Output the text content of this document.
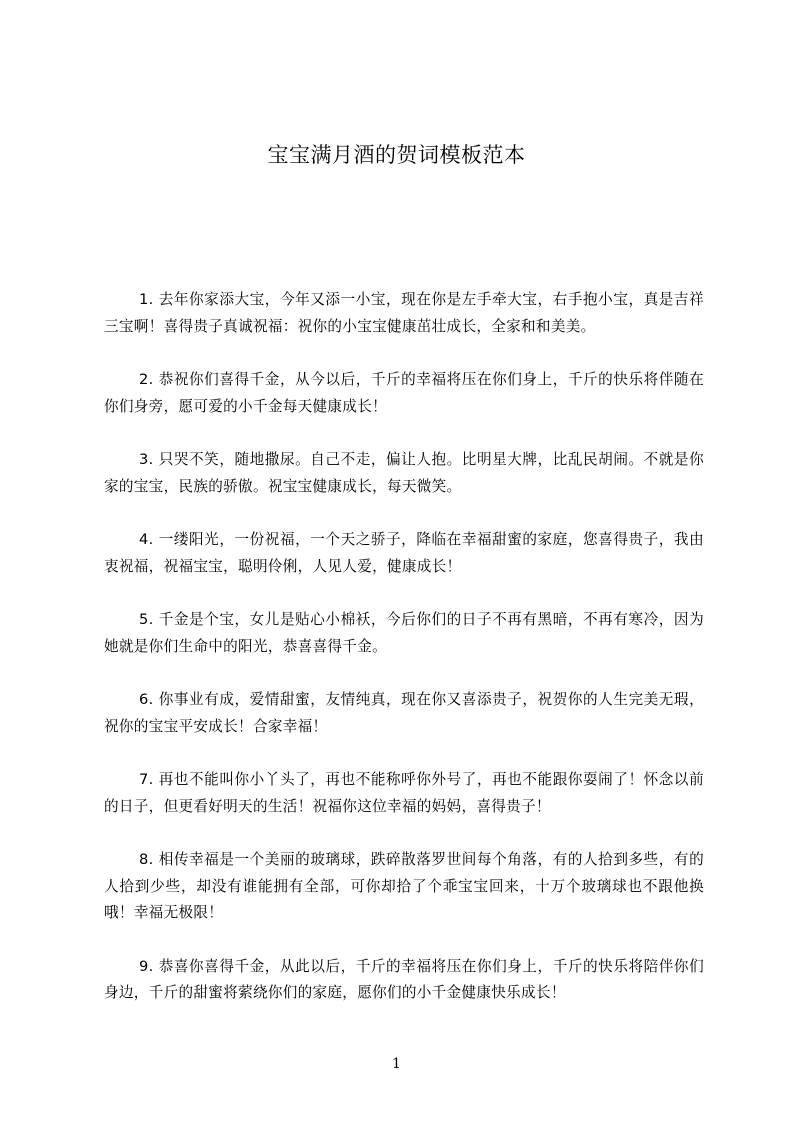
宝宝满月酒的贺词模板范本

1. 去年你家添大宝，今年又添一小宝，现在你是左手牵大宝，右手抱小宝，真是吉祥三宝啊！喜得贵子真诚祝福：祝你的小宝宝健康茁壮成长，全家和和美美。

2. 恭祝你们喜得千金，从今以后，千斤的幸福将压在你们身上，千斤的快乐将伴随在你们身旁，愿可爱的小千金每天健康成长！

3. 只哭不笑，随地撒尿。自己不走，偏让人抱。比明星大牌，比乱民胡闹。不就是你家的宝宝，民族的骄傲。祝宝宝健康成长，每天微笑。

4. 一缕阳光，一份祝福，一个天之骄子，降临在幸福甜蜜的家庭，您喜得贵子，我由衷祝福，祝福宝宝，聪明伶俐，人见人爱，健康成长！

5. 千金是个宝，女儿是贴心小棉袄，今后你们的日子不再有黑暗，不再有寒冷，因为她就是你们生命中的阳光，恭喜喜得千金。

6. 你事业有成，爱情甜蜜，友情纯真，现在你又喜添贵子，祝贺你的人生完美无瑕，祝你的宝宝平安成长！合家幸福！

7. 再也不能叫你小丫头了，再也不能称呼你外号了，再也不能跟你耍闹了！怀念以前的日子，但更看好明天的生活！祝福你这位幸福的妈妈，喜得贵子！

8. 相传幸福是一个美丽的玻璃球，跌碎散落罗世间每个角落，有的人拾到多些，有的人拾到少些，却没有谁能拥有全部，可你却拾了个乖宝宝回来，十万个玻璃球也不跟他换哦！幸福无极限！

9. 恭喜你喜得千金，从此以后，千斤的幸福将压在你们身上，千斤的快乐将陪伴你们身边，千斤的甜蜜将萦绕你们的家庭，愿你们的小千金健康快乐成长！

1
